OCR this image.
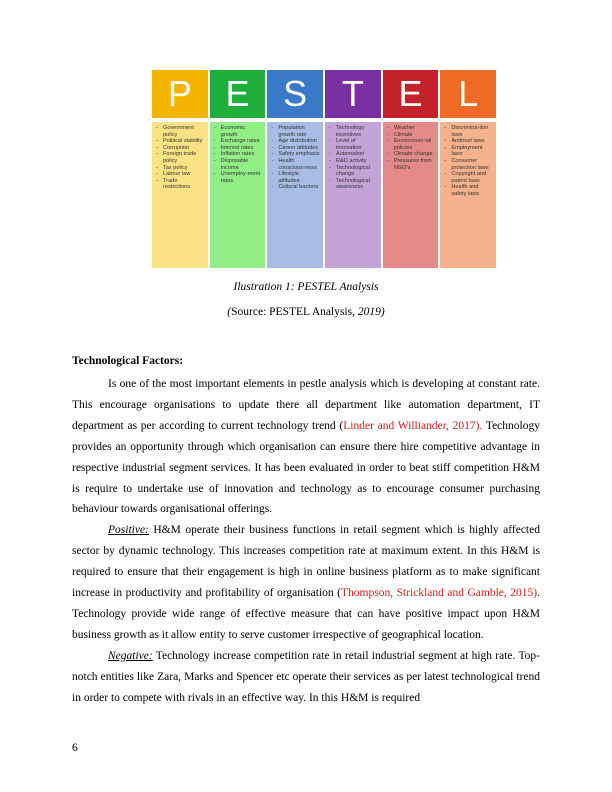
P
- Government policy
- Political stability
- Corruption
- Foreign trade policy
- Tax policy
- Labour law
- Trade restrictions
E
- Economic growth
- Exchange rates
- Interest rates
- Inflation rates
- Disposable income
- Unemploy-ment rates
S
- Population growth rate
- Age distribution
- Career attitudes
- Safety emphasis
- Health conscious-ness
- Lifestyle attitudes
- Cultural barriers
T
- Technology incentives
- Level of innovation
- Automation
- R&D activity
- Technological change
- Technological awareness
E
- Weather
- Climate
- Environmen-tal policies
- Climate change
- Pressures from NGO's
L
- Discrimina-tion laws
- Antitrust laws
- Employment laws
- Consumer protection laws
- Copyright and patent laws
- Health and safety laws
Ilustration 1: PESTEL Analysis
(Source: PESTEL Analysis, 2019)
Technological Factors:

Is one of the most important elements in pestle analysis which is developing at constant rate. This encourage organisations to update there all department like automation department, IT department as per according to current technology trend (Linder and Williander, 2017). Technology provides an opportunity through which organisation can ensure there hire competitive advantage in respective industrial segment services. It has been evaluated in order to beat stiff competition H&M is require to undertake use of innovation and technology as to encourage consumer purchasing behaviour towards organisational offerings.

Positive: H&M operate their business functions in retail segment which is highly affected sector by dynamic technology. This increases competition rate at maximum extent. In this H&M is required to ensure that their engagement is high in online business platform as to make significant increase in productivity and profitability of organisation (Thompson, Strickland and Gamble, 2015). Technology provide wide range of effective measure that can have positive impact upon H&M business growth as it allow entity to serve customer irrespective of geographical location.

Negative: Technology increase competition rate in retail industrial segment at high rate. Top-notch entities like Zara, Marks and Spencer etc operate their services as per latest technological trend in order to compete with rivals in an effective way. In this H&M is required

6
